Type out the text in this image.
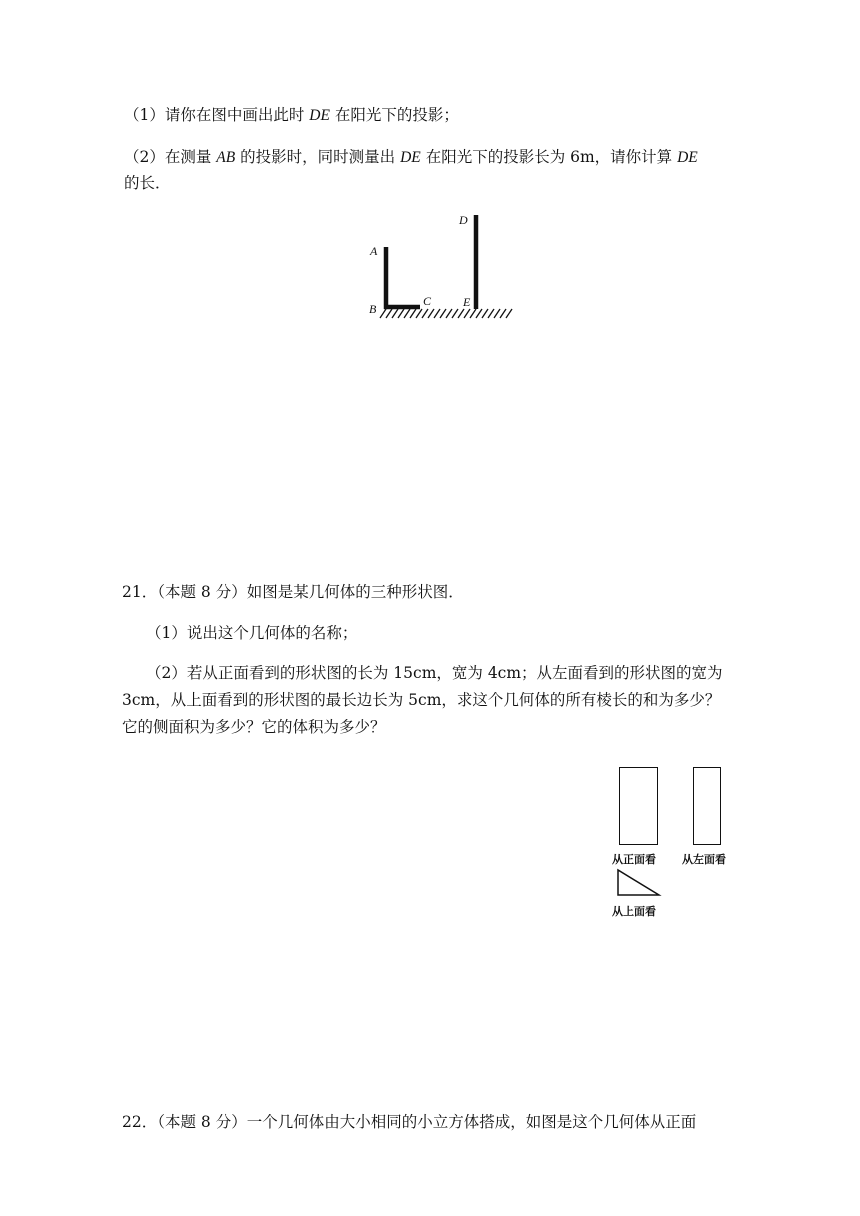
（1）请你在图中画出此时 DE 在阳光下的投影；
（2）在测量 AB 的投影时，同时测量出 DE 在阳光下的投影长为 6m，请你计算 DE
的长．
A
B
C
D
E
21．（本题 8 分）如图是某几何体的三种形状图．
（1）说出这个几何体的名称；
（2）若从正面看到的形状图的长为 15cm，宽为 4cm；从左面看到的形状图的宽为
3cm，从上面看到的形状图的最长边长为 5cm，求这个几何体的所有棱长的和为多少？
它的侧面积为多少？它的体积为多少？
从正面看 从左面看
从上面看
22．（本题 8 分）一个几何体由大小相同的小立方体搭成，如图是这个几何体从正面
